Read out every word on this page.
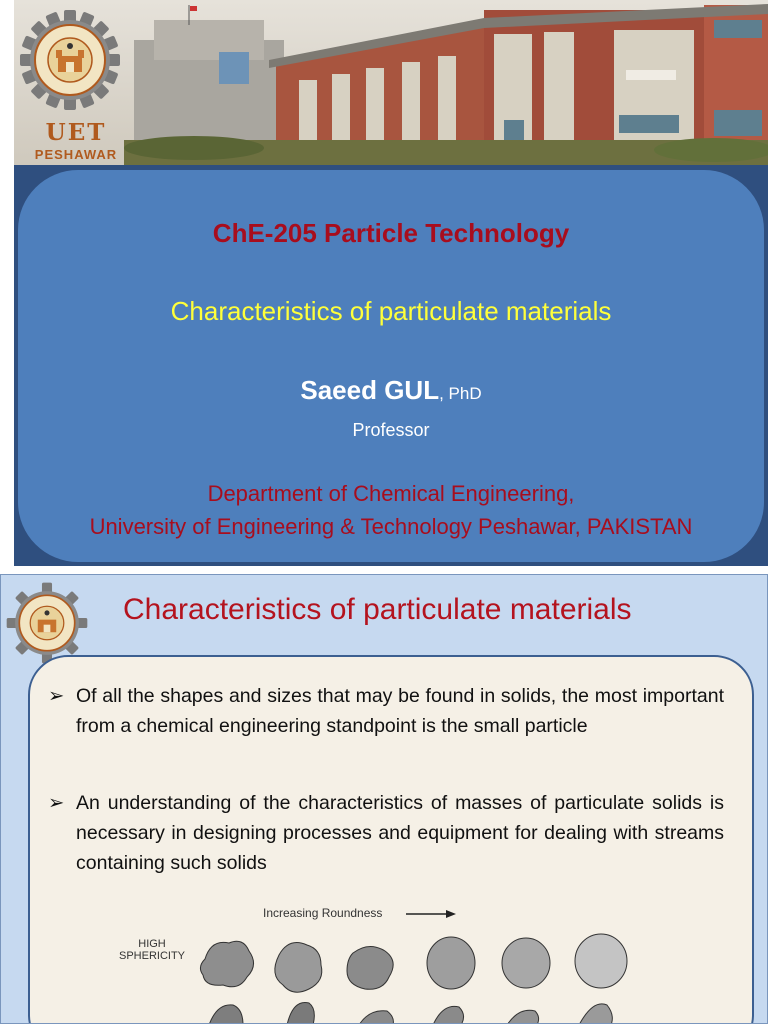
UET
PESHAWAR
ChE-205 Particle Technology
Characteristics of particulate materials
Saeed GUL, PhD
Professor
Department of Chemical Engineering,
University of Engineering & Technology Peshawar, PAKISTAN
Characteristics of particulate materials
➢ Of all the shapes and sizes that may be found in solids, the most important from a chemical engineering standpoint is the small particle
➢ An understanding of the characteristics of masses of particulate solids is necessary in designing processes and equipment for dealing with streams containing such solids
Increasing Roundness
HIGH
SPHERICITY
